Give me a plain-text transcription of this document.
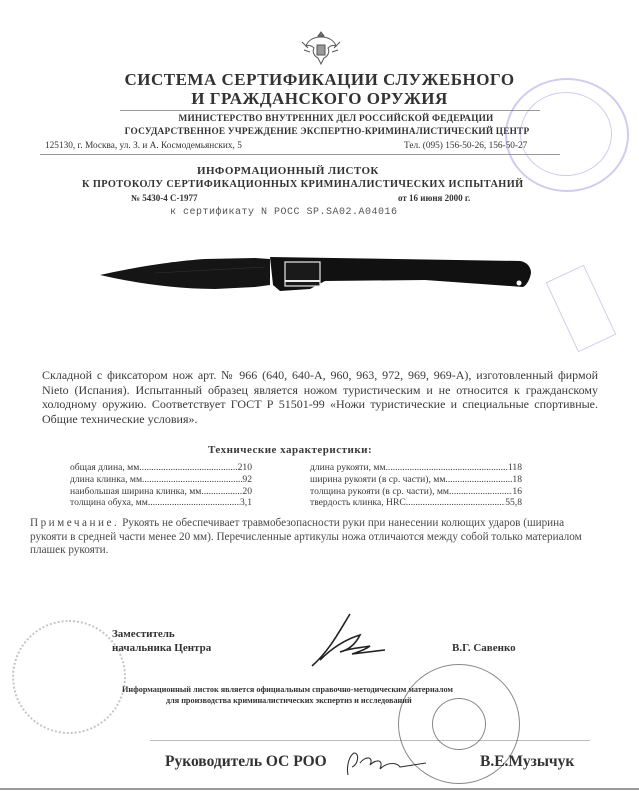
СИСТЕМА СЕРТИФИКАЦИИ СЛУЖЕБНОГО
И ГРАЖДАНСКОГО ОРУЖИЯ
МИНИСТЕРСТВО ВНУТРЕННИХ ДЕЛ РОССИЙСКОЙ ФЕДЕРАЦИИ
ГОСУДАРСТВЕННОЕ УЧРЕЖДЕНИЕ ЭКСПЕРТНО-КРИМИНАЛИСТИЧЕСКИЙ ЦЕНТР
125130, г. Москва, ул. З. и А. Космодемьянских, 5	Тел. (095) 156-50-26, 156-50-27
ИНФОРМАЦИОННЫЙ ЛИСТОК
К ПРОТОКОЛУ СЕРТИФИКАЦИОННЫХ КРИМИНАЛИСТИЧЕСКИХ ИСПЫТАНИЙ
№ 5430-4 С-1977	от 16 июня 2000 г.
к сертификату N РОСС SP.SA02.A04016
Складной с фиксатором нож арт. № 966 (640, 640-А, 960, 963, 972, 969, 969-А), изготовленный фирмой Nieto (Испания). Испытанный образец является ножом туристическим и не относится к гражданскому холодному оружию. Соответствует ГОСТ Р 51501-99 «Ножи туристические и специальные спортивные. Общие технические условия».
Технические характеристики:
общая длина, мм .....	210
длина клинка, мм .....	92
наибольшая ширина клинка, мм .....	20
толщина обуха, мм .....	3,1
длина рукояти, мм .....	118
ширина рукояти (в ср. части), мм .....	18
толщина рукояти (в ср. части), мм .....	16
твердость клинка, HRC .....	55,8
Примечание. Рукоять не обеспечивает травмобезопасности руки при нанесении колющих ударов (ширина рукояти в средней части менее 20 мм). Перечисленные артикулы ножа отличаются между собой только материалом плашек рукояти.
Заместитель
начальника Центра	В.Г. Савенко
Информационный листок является официальным справочно-методическим материалом
для производства криминалистических экспертиз и исследований
Руководитель ОС РОО	В.Е.Музычук
